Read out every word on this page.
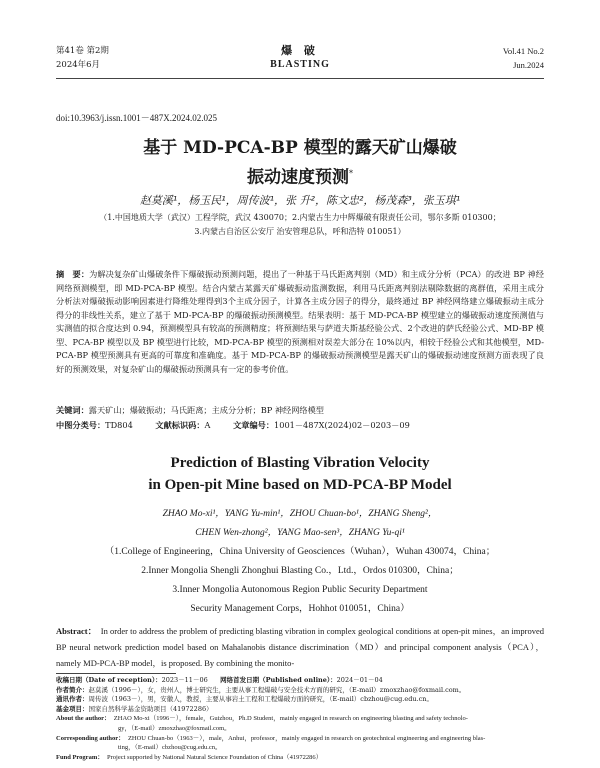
第41卷 第2期
2024年6月
爆 破
BLASTING
Vol.41 No.2
Jun.2024
doi:10.3963/j.issn.1001－487X.2024.02.025
基于 MD-PCA-BP 模型的露天矿山爆破
振动速度预测*
赵莫溪¹，杨玉民¹，周传波¹，张 升²，陈文忠²，杨茂森³，张玉琪¹
（1.中国地质大学（武汉）工程学院，武汉 430070；2.内蒙古生力中辉爆破有限责任公司，鄂尔多斯 010300；
3.内蒙古自治区公安厅 治安管理总队，呼和浩特 010051）
摘　要：为解决复杂矿山爆破条件下爆破振动预测问题，提出了一种基于马氏距离判别（MD）和主成分分析（PCA）的改进 BP 神经网络预测模型，即 MD-PCA-BP 模型。结合内蒙古某露天矿爆破振动监测数据，利用马氏距离判别法剔除数据的离群值，采用主成分分析法对爆破振动影响因素进行降维处理得到3个主成分因子，计算各主成分因子的得分，最终通过 BP 神经网络建立爆破振动主成分得分的非线性关系，建立了基于 MD-PCA-BP 的爆破振动预测模型。结果表明：基于 MD-PCA-BP 模型建立的爆破振动速度预测值与实测值的拟合度达到 0.94，预测模型具有较高的预测精度；将预测结果与萨道夫斯基经验公式、2个改进的萨氏经验公式、MD-BP 模型、PCA-BP 模型以及 BP 模型进行比较，MD-PCA-BP 模型的预测相对误差大部分在 10%以内，相较于经验公式和其他模型，MD-PCA-BP 模型预测具有更高的可靠度和准确度。基于 MD-PCA-BP 的爆破振动预测模型是露天矿山的爆破振动速度预测方面表现了良好的预测效果，对复杂矿山的爆破振动预测具有一定的参考价值。
关键词：露天矿山；爆破振动；马氏距离；主成分分析；BP 神经网络模型
中图分类号：TD804	文献标识码：A	文章编号：1001－487X(2024)02－0203－09
Prediction of Blasting Vibration Velocity
in Open-pit Mine based on MD-PCA-BP Model
ZHAO Mo-xi¹，YANG Yu-min¹，ZHOU Chuan-bo¹，ZHANG Sheng²，
CHEN Wen-zhong²，YANG Mao-sen³，ZHANG Yu-qi¹
（1.College of Engineering，China University of Geosciences（Wuhan），Wuhan 430074，China；
2.Inner Mongolia Shengli Zhonghui Blasting Co.，Ltd.，Ordos 010300，China；
3.Inner Mongolia Autonomous Region Public Security Department
Security Management Corps，Hohhot 010051，China）
Abstract： In order to address the problem of predicting blasting vibration in complex geological conditions at open-pit mines，an improved BP neural network prediction model based on Mahalanobis distance discrimination（MD）and principal component analysis（PCA），namely MD-PCA-BP model，is proposed. By combining the monito-
收稿日期（Date of reception）：2023－11－06 网络首发日期（Published online）：2024－01－04
作者简介：赵莫溪（1996－），女，贵州人，博士研究生，主要从事工程爆破与安全技术方面的研究，（E-mail）zmoxzhao@foxmail.com。
通讯作者：周传波（1963－），男，安徽人，教授，主要从事岩土工程和工程爆破方面的研究，（E-mail）cbzhou@cug.edu.cn。
基金项目：国家自然科学基金资助项目（41972286）
About the author： ZHAO Mo-xi（1996－），female，Guizhou，Ph.D Student，mainly engaged in research on engineering blasting and safety technolo-
gy，（E-mail）zmoxzhao@foxmail.com。
Corresponding author： ZHOU Chuan-bo（1963－），male，Anhui，professor，mainly engaged in research on geotechnical engineering and engineering blas-
ting，（E-mail）cbzhou@cug.edu.cn。
Fund Program： Project supported by National Natural Science Foundation of China（41972286）
